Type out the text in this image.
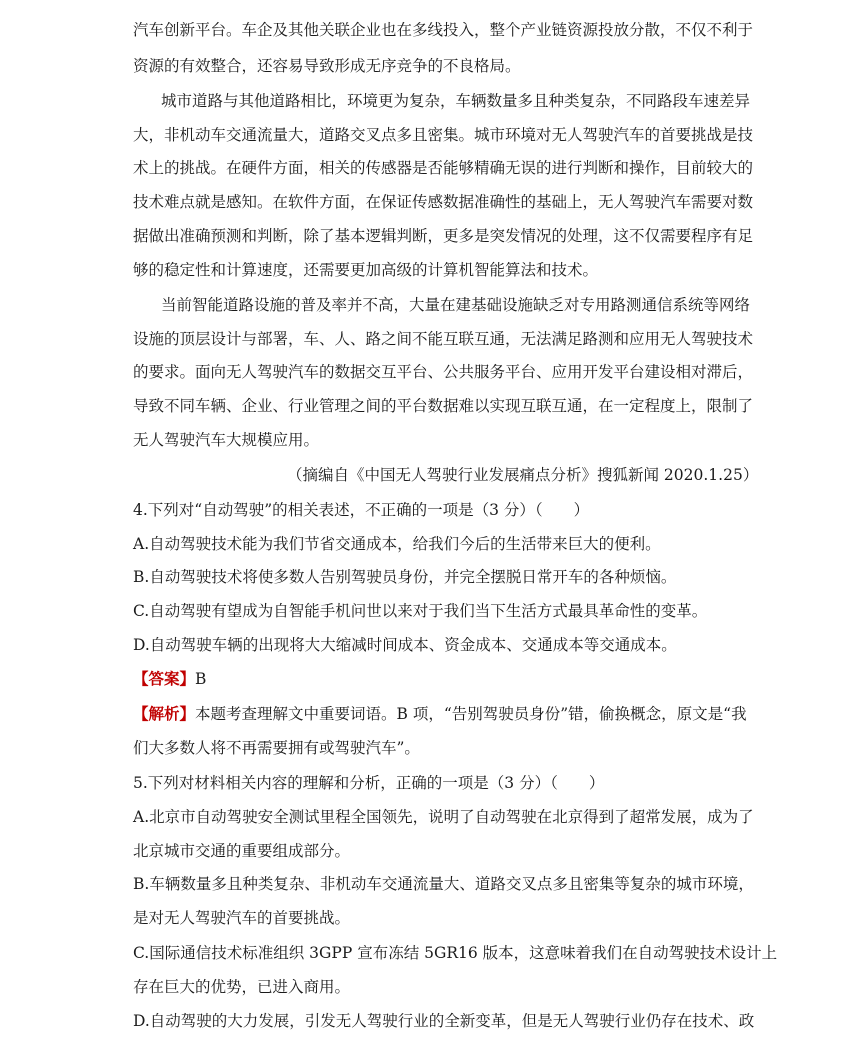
汽车创新平台。车企及其他关联企业也在多线投入，整个产业链资源投放分散，不仅不利于
资源的有效整合，还容易导致形成无序竞争的不良格局。
城市道路与其他道路相比，环境更为复杂，车辆数量多且种类复杂，不同路段车速差异
大，非机动车交通流量大，道路交叉点多且密集。城市环境对无人驾驶汽车的首要挑战是技
术上的挑战。在硬件方面，相关的传感器是否能够精确无误的进行判断和操作，目前较大的
技术难点就是感知。在软件方面，在保证传感数据准确性的基础上，无人驾驶汽车需要对数
据做出准确预测和判断，除了基本逻辑判断，更多是突发情况的处理，这不仅需要程序有足
够的稳定性和计算速度，还需要更加高级的计算机智能算法和技术。
当前智能道路设施的普及率并不高，大量在建基础设施缺乏对专用路测通信系统等网络
设施的顶层设计与部署，车、人、路之间不能互联互通，无法满足路测和应用无人驾驶技术
的要求。面向无人驾驶汽车的数据交互平台、公共服务平台、应用开发平台建设相对滞后，
导致不同车辆、企业、行业管理之间的平台数据难以实现互联互通，在一定程度上，限制了
无人驾驶汽车大规模应用。
（摘编自《中国无人驾驶行业发展痛点分析》搜狐新闻 2020.1.25）
4.下列对“自动驾驶”的相关表述，不正确的一项是（3 分）（　　）
A.自动驾驶技术能为我们节省交通成本，给我们今后的生活带来巨大的便利。
B.自动驾驶技术将使多数人告别驾驶员身份，并完全摆脱日常开车的各种烦恼。
C.自动驾驶有望成为自智能手机问世以来对于我们当下生活方式最具革命性的变革。
D.自动驾驶车辆的出现将大大缩减时间成本、资金成本、交通成本等交通成本。
【答案】B
【解析】本题考查理解文中重要词语。B 项，“告别驾驶员身份”错，偷换概念，原文是“我
们大多数人将不再需要拥有或驾驶汽车”。
5.下列对材料相关内容的理解和分析，正确的一项是（3 分）（　　）
A.北京市自动驾驶安全测试里程全国领先，说明了自动驾驶在北京得到了超常发展，成为了
北京城市交通的重要组成部分。
B.车辆数量多且种类复杂、非机动车交通流量大、道路交叉点多且密集等复杂的城市环境，
是对无人驾驶汽车的首要挑战。
C.国际通信技术标准组织 3GPP 宣布冻结 5GR16 版本，这意味着我们在自动驾驶技术设计上
存在巨大的优势，已进入商用。
D.自动驾驶的大力发展，引发无人驾驶行业的全新变革，但是无人驾驶行业仍存在技术、政
